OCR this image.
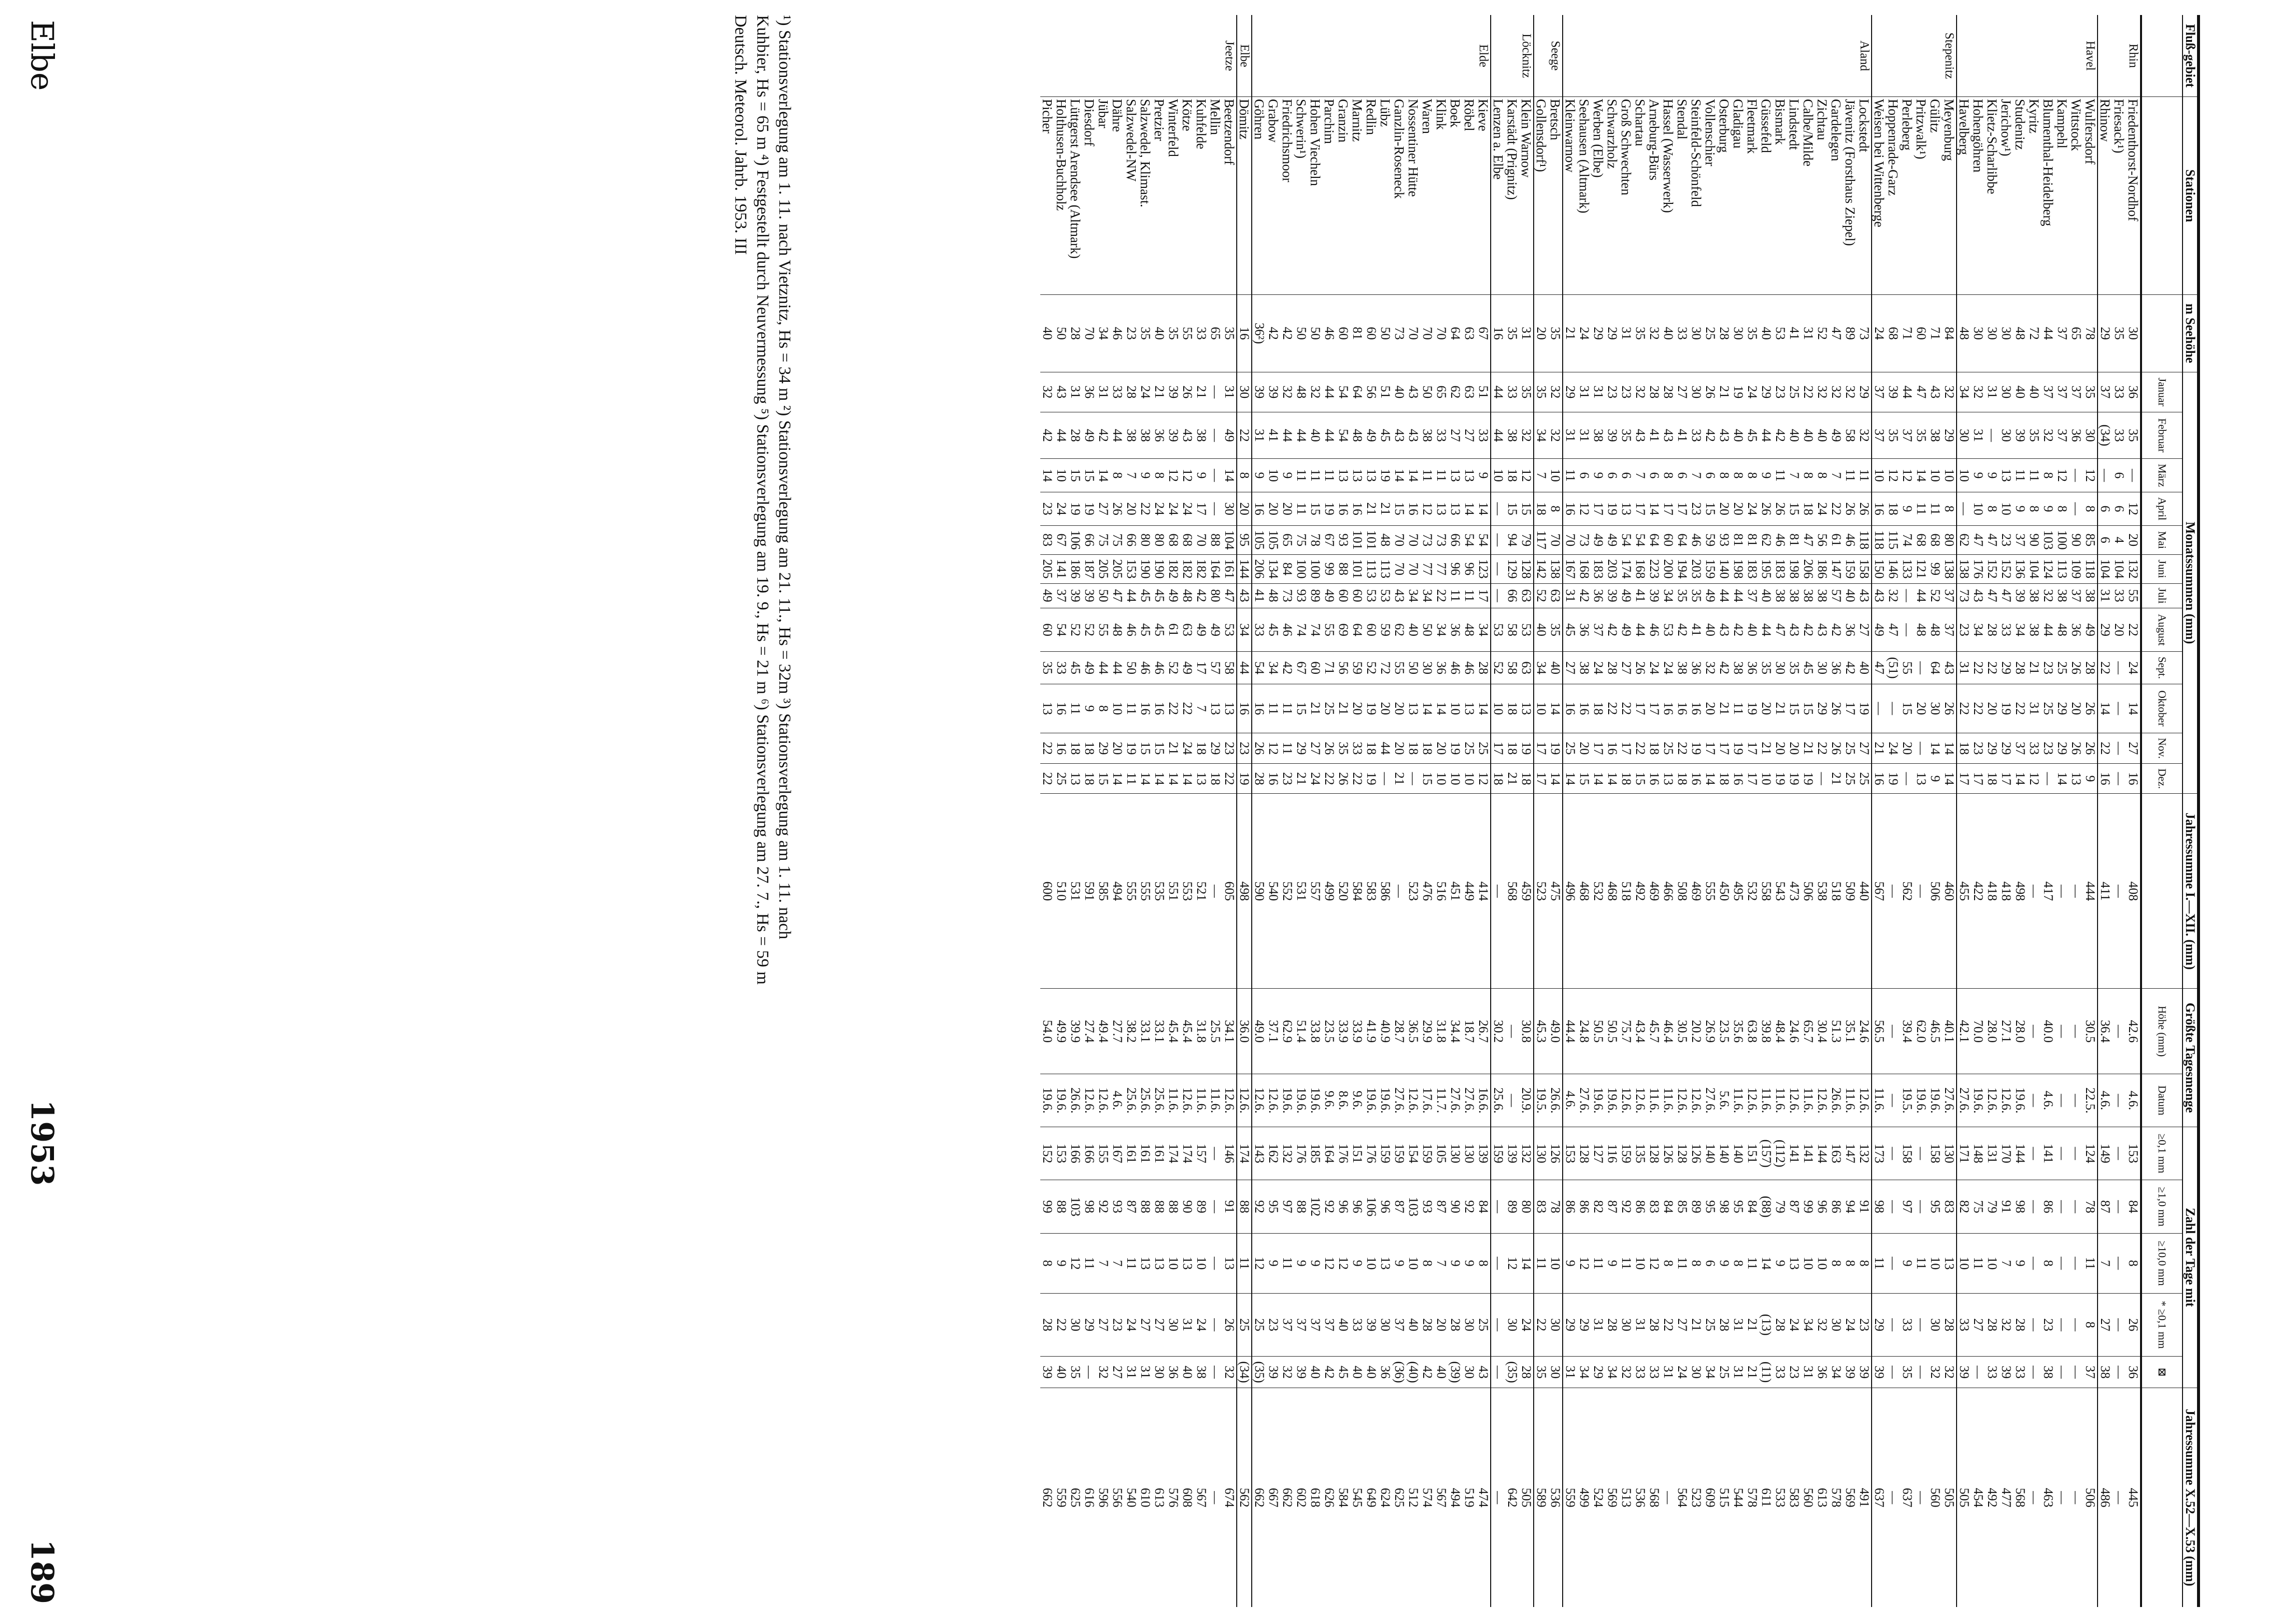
Elbe
1953
189
Fluß-gebiet	Stationen	m Seehöhe	Monatssummen (mm)												Jahressumme I.—XII. (mm)	Größte Tagesmenge		Zahl der Tage mit					Jahressumme X.52—X.53 (mm)
			Januar	Februar	März	April	Mai	Juni	Juli	August	Sept.	Oktober	Nov.	Dez.		Höhe (mm)	Datum	≥0,1 mm	≥1,0 mm	≥10,0 mm	* ≥0,1 mm	⊠	
Rhin	Friedenthorst-Nordhof	30	36	35	—	12	20	132	55	22	24	14	27	16	408	42.6	4.6.	153	84	8	26	36	445
	Friesack¹)	35	33	33	6	6	4	104	33	20	—	—	—	—	—	—	—	—	—	—	—	—	—
	Rhinow	29	37	(34)	—	6	6	104	31	29	22	14	22	16	411	36.4	4.6.	149	87	7	27	38	486
Havel	Wulfersdorf	78	35	30	12	8	85	118	38	49	28	26	26	9	444	30.5	22.5.	124	78	11	8	37	506
	Wittstock	65	37	36	—	—	90	109	37	36	26	20	26	13	—	—	—	—	—	—	—	—	—
	Kampehl	37	37	37	12	8	100	113	38	48	25	29	29	14	—	—	—	—	—	—	—	—	—
	Blumenthal-Heidelberg	44	37	32	8	9	103	124	32	44	23	25	23	—	417	40.0	4.6.	141	86	8	23	38	463
	Kyritz	72	40	35	11	8	90	104	38	38	21	31	33	12	—	—	—	—	—	—	—	—	—
	Studenitz	48	40	39	11	9	37	136	39	34	28	22	37	14	498	28.0	19.6.	144	98	9	28	33	568
	Jerichow¹)	30	30	30	13	10	23	152	47	33	29	19	29	17	418	27.1	12.6.	170	91	7	32	39	477
	Klietz-Scharlibbe	30	31	—	9	8	47	152	47	28	22	20	29	18	418	28.0	12.6.	131	79	10	28	33	492
	Hohengöhren	30	32	31	9	10	47	176	43	34	22	22	23	17	422	70.0	19.6.	148	75	11	27	—	454
	Havelberg	48	34	30	10	—	62	138	73	23	31	22	18	17	455	42.1	27.6.	171	82	10	33	39	505
Stepenitz	Meyenburg	84	32	29	10	8	80	138	37	37	43	26	14	14	460	40.1	27.6.	130	83	13	28	32	505
	Gülitz	71	43	38	10	11	68	99	52	48	64	30	14	9	506	46.5	19.6.	158	95	10	30	32	560
	Pritzwalk¹)	60	47	35	14	11	68	121	44	48	—	20	—	13	—	62.0	19.6.	—	—	11	—	—	—
	Perleberg	71	44	37	12	9	74	133	—	—	55	15	20	—	562	39.4	19.5.	158	97	9	33	35	637
	Hoppenrade-Garz	68	39	35	12	18	115	146	32	47	(51)	—	24	19	—	—	—	—	—	—	—	—	—
	Weisen bei Wittenberge	24	37	37	10	16	118	150	43	49	47	—	21	16	567	56.5	11.6.	173	98	11	29	39	637
Aland	Lockstedt	73	29	32	11	26	118	158	43	27	40	19	27	25	440	24.6	12.6.	132	91	8	23	39	491
	Jävenitz (Forsthaus Ziepel)	89	32	58	11	26	46	159	40	36	42	17	25	25	509	35.1	11.6.	147	94	8	24	39	569
	Gardelegen	47	32	49	7	22	61	147	57	42	36	26	26	21	518	51.3	26.6.	163	86	8	30	34	578
	Zichtau	52	32	40	8	24	56	186	38	43	30	29	22	—	538	30.4	12.6.	144	96	10	32	36	613
	Calbe/Milde	31	22	40	8	18	47	206	38	42	45	15	21	19	506	65.7	11.6.	141	99	10	34	31	560
	Lindstedt	41	25	40	7	15	81	198	38	43	35	15	20	19	473	24.6	12.6.	141	87	13	24	23	583
	Bismark	53	23	42	11	26	46	183	38	47	30	21	20	19	543	48.4	11.6.	(112)	79	9	28	33	533
	Güssefeld	40	29	44	9	26	62	195	40	44	35	20	21	10	558	39.8	11.6.	(157)	(88)	14	(13)	(11)	611
	Fleetmark	35	24	45	8	24	81	183	37	40	36	19	17	17	532	63.8	12.6.	151	84	11	21	21	578
	Gladigau	30	19	40	8	20	81	198	44	42	38	11	19	16	495	35.6	11.6.	140	95	8	31	31	544
	Osterburg	28	21	43	8	20	93	140	44	43	42	21	17	18	450	23.5	5.6.	140	98	9	28	25	515
	Vollenschier	25	26	42	6	15	59	159	49	40	32	20	17	14	555	26.9	27.6.	140	95	6	25	34	609
	Steinfeld-Schönfeld	30	30	33	7	23	46	203	35	41	36	16	19	16	469	20.2	12.6.	126	89	8	21	30	523
	Stendal	33	27	41	6	17	64	194	35	42	38	16	22	18	508	30.5	12.6.	128	85	11	27	24	564
	Hassel (Wasserwerk)	40	28	43	8	17	60	200	34	53	24	16	25	13	466	46.4	11.6.	126	84	8	22	31	—
	Arneburg-Bürs	32	28	41	6	14	64	223	39	46	24	17	18	16	469	45.7	11.6.	128	83	12	28	33	568
	Schartau	35	32	43	7	17	54	168	41	44	26	17	22	15	492	43.4	12.6.	135	86	10	31	33	536
	Groß Schwechten	31	23	35	6	13	54	174	49	49	27	22	17	18	518	75.7	12.6.	159	92	11	30	32	513
	Schwarzholz	29	23	39	6	19	49	203	39	42	28	22	16	14	468	50.5	19.6.	116	87	9	28	34	569
	Werben (Elbe)	29	31	38	9	17	49	183	36	37	24	18	17	14	532	50.5	19.6.	127	82	11	31	29	524
	Seehausen (Altmark)	24	31	31	6	12	73	168	42	36	38	16	20	15	468	24.8	27.6.	128	86	12	29	34	499
	Kleinwarnow	21	29	31	11	16	70	167	31	45	27	16	25	14	496	44.4	4.6.	153	86	9	29	31	559
Seege	Bretsch	35	32	32	10	8	70	138	63	35	40	14	19	14	475	49.0	26.6.	126	78	10	30	30	536
	Gollensdorf¹)	20	35	34	7	18	117	142	52	40	34	10	17	17	523	45.3	19.5.	130	83	11	22	35	589
Löcknitz	Klein Warnow	31	35	32	12	15	79	128	63	53	63	13	19	18	459	30.8	20.9.	132	80	14	24	28	505
	Karstädt (Prignitz)	35	33	38	18	15	94	129	66	58	58	18	18	21	568	—	—	139	89	12	30	(35)	642
	Lenzen a. Elbe	16	44	44	10	—	—	—	—	53	52	10	17	18	—	30.2	25.6.	159	—	—	—	—	—
Elde	Kieve	67	51	33	9	14	54	123	17	34	28	14	25	12	414	26.7	16.6.	139	84	8	25	43	474
	Röbel	63	63	27	13	14	54	96	11	48	46	13	25	10	449	18.7	27.6.	130	92	9	30	30	519
	Boek	64	62	27	13	13	66	96	11	36	46	10	19	10	451	34.4	27.6.	130	90	9	28	(39)	494
	Klink	70	65	33	11	13	73	77	22	34	36	14	20	10	516	31.8	11.7.	105	87	7	20	40	567
	Waren	70	50	38	11	12	73	77	34	50	30	14	18	15	476	29.9	17.6.	159	93	8	28	42	574
	Nossentiner Hütte	70	43	43	14	16	70	70	34	40	50	13	18	—	523	36.5	12.6.	154	103	10	40	(40)	512
	Ganzlin-Roseneck	73	40	43	14	15	70	70	43	62	55	20	20	21	—	28.7	27.6.	159	87	9	37	(36)	625
	Lübz	50	51	45	19	21	48	113	53	59	72	20	44	—	586	40.9	19.6.	159	96	13	30	36	624
	Redlin	60	56	49	13	21	101	113	53	60	52	19	18	19	583	41.9	19.6.	176	106	10	39	40	649
	Marnitz	81	64	48	13	16	101	101	60	64	59	20	33	22	584	33.9	9.6.	151	96	9	33	40	545
	Granzin	60	54	54	13	16	93	88	60	69	56	21	35	26	520	33.9	8.6.	176	96	12	40	45	584
	Parchim	46	44	44	11	19	67	99	49	55	71	25	26	22	499	23.5	9.6.	164	92	12	37	42	626
	Hohen Viecheln	50	32	40	11	15	78	100	89	74	60	21	27	24	557	33.8	19.6.	185	102	9	37	40	618
	Schwerin¹)	50	48	44	11	11	75	100	93	74	67	15	29	21	531	51.4	19.6.	176	88	9	37	39	602
	Friedrichsmoor	42	32	44	9	20	65	84	73	46	42	11	11	23	552	62.9	19.6.	132	97	11	37	32	662
	Grabow	42	39	41	10	20	105	134	48	45	34	11	12	16	540	37.1	12.6.	162	95	9	23	39	667
	Göhren	36²)	39	31	9	16	105	206	41	33	54	16	26	28	590	49.0	12.6.	143	92	12	25	(35)	662
Elbe	Dömitz	16	30	22	8	20	95	144	43	34	44	16	23	19	498	36.0	12.6.	174	88	11	25	(34)	562
Jeetze	Beetzendorf	35	31	49	14	30	104	161	47	53	58	13	23	22	605	34.1	12.6.	146	91	13	26	32	674
	Mellin	65	—	—	—	—	88	164	80	49	57	13	29	18	—	25.5	11.6.	—	—	—	—	—	—
	Kuhfelde	33	21	38	9	17	70	182	42	49	17	7	18	13	521	31.8	11.6.	157	89	10	24	38	567
	Kötze	55	26	43	12	24	68	182	48	63	49	22	24	14	553	45.4	12.6.	174	90	13	31	40	608
	Winterfeld	35	39	39	12	24	68	182	49	61	52	22	21	14	551	45.4	11.6.	174	88	10	30	36	576
	Pretzier	40	21	36	8	24	80	190	45	45	46	16	15	14	535	33.1	25.6.	161	88	13	27	30	613
	Salzwedel, Klimast.	35	24	38	9	22	80	190	45	45	46	16	15	14	555	33.1	25.6.	161	88	13	27	31	610
	Salzwedel-NW	23	28	38	7	20	66	153	44	46	50	11	19	11	555	38.2	25.6.	161	87	11	24	31	540
	Dähre	46	33	44	8	26	75	205	47	48	44	10	20	14	494	27.7	4.6.	167	93	7	23	27	556
	Jübar	34	31	42	14	27	75	205	50	55	44	8	29	15	585	49.4	12.6.	155	92	7	27	32	596
	Diesdorf	70	36	49	15	19	66	187	39	52	49	9	18	18	591	27.4	12.6.	166	98	11	29	—	616
	Lüttgerst Arendsee (Altmark)	28	31	28	15	19	106	186	39	52	45	11	18	13	531	39.9	26.6.	166	103	12	30	35	625
	Holthusen-Buchholz	50	43	44	10	24	67	141	37	54	33	16	16	25	510	49.9	19.6.	153	88	9	22	40	559
	Picher	40	32	42	14	23	83	205	49	60	35	13	22	22	600	54.0	19.6.	152	99	8	28	39	662
¹) Stationsverlegung am 1. 11. nach Vietznitz, Hs = 34 m ²) Stationsverlegung am 21. 11., Hs = 32m ³) Stationsverlegung am 1. 11. nach
Kuhbier, Hs = 65 m ⁴) Festgestellt durch Neuvermessung ⁵) Stationsverlegung am 19. 9., Hs = 21 m ⁶) Stationsverlegung am 27. 7., Hs = 59 m
Deutsch. Meteorol. Jahrb. 1953. III
